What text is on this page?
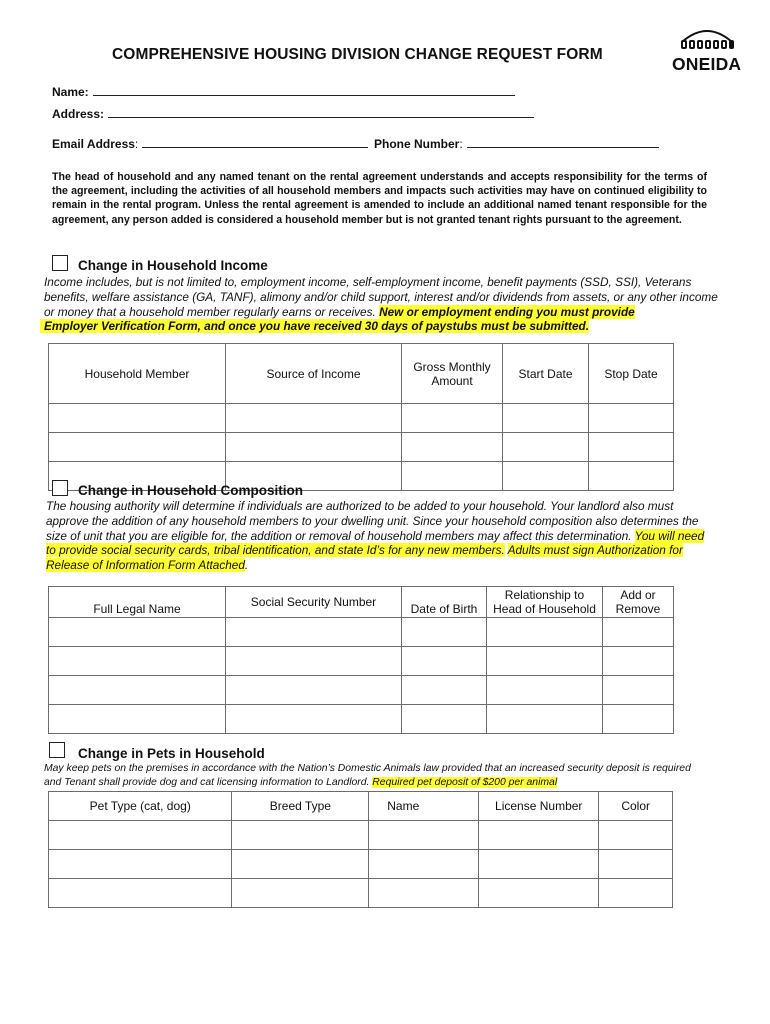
COMPREHENSIVE HOUSING DIVISION CHANGE REQUEST FORM	ONEIDA
Name:
Address:
Email Address:	Phone Number:
The head of household and any named tenant on the rental agreement understands and accepts responsibility for the terms of the agreement, including the activities of all household members and impacts such activities may have on continued eligibility to remain in the rental program. Unless the rental agreement is amended to include an additional named tenant responsible for the agreement, any person added is considered a household member but is not granted tenant rights pursuant to the agreement.
Change in Household Income
Income includes, but is not limited to, employment income, self-employment income, benefit payments (SSD, SSI), Veterans benefits, welfare assistance (GA, TANF), alimony and/or child support, interest and/or dividends from assets, or any other income or money that a household member regularly earns or receives. New or employment ending you must provide
Employer Verification Form, and once you have received 30 days of paystubs must be submitted.
Household Member	Source of Income	Gross Monthly Amount	Start Date	Stop Date

Change in Household Composition
The housing authority will determine if individuals are authorized to be added to your household. Your landlord also must approve the addition of any household members to your dwelling unit. Since your household composition also determines the size of unit that you are eligible for, the addition or removal of household members may affect this determination. You will need to provide social security cards, tribal identification, and state Id’s for any new members. Adults must sign Authorization for Release of Information Form Attached.
Full Legal Name	Social Security Number	Date of Birth	Relationship to Head of Household	Add or Remove

Change in Pets in Household
May keep pets on the premises in accordance with the Nation’s Domestic Animals law provided that an increased security deposit is required and Tenant shall provide dog and cat licensing information to Landlord. Required pet deposit of $200 per animal
Pet Type (cat, dog)	Breed Type	Name	License Number	Color
